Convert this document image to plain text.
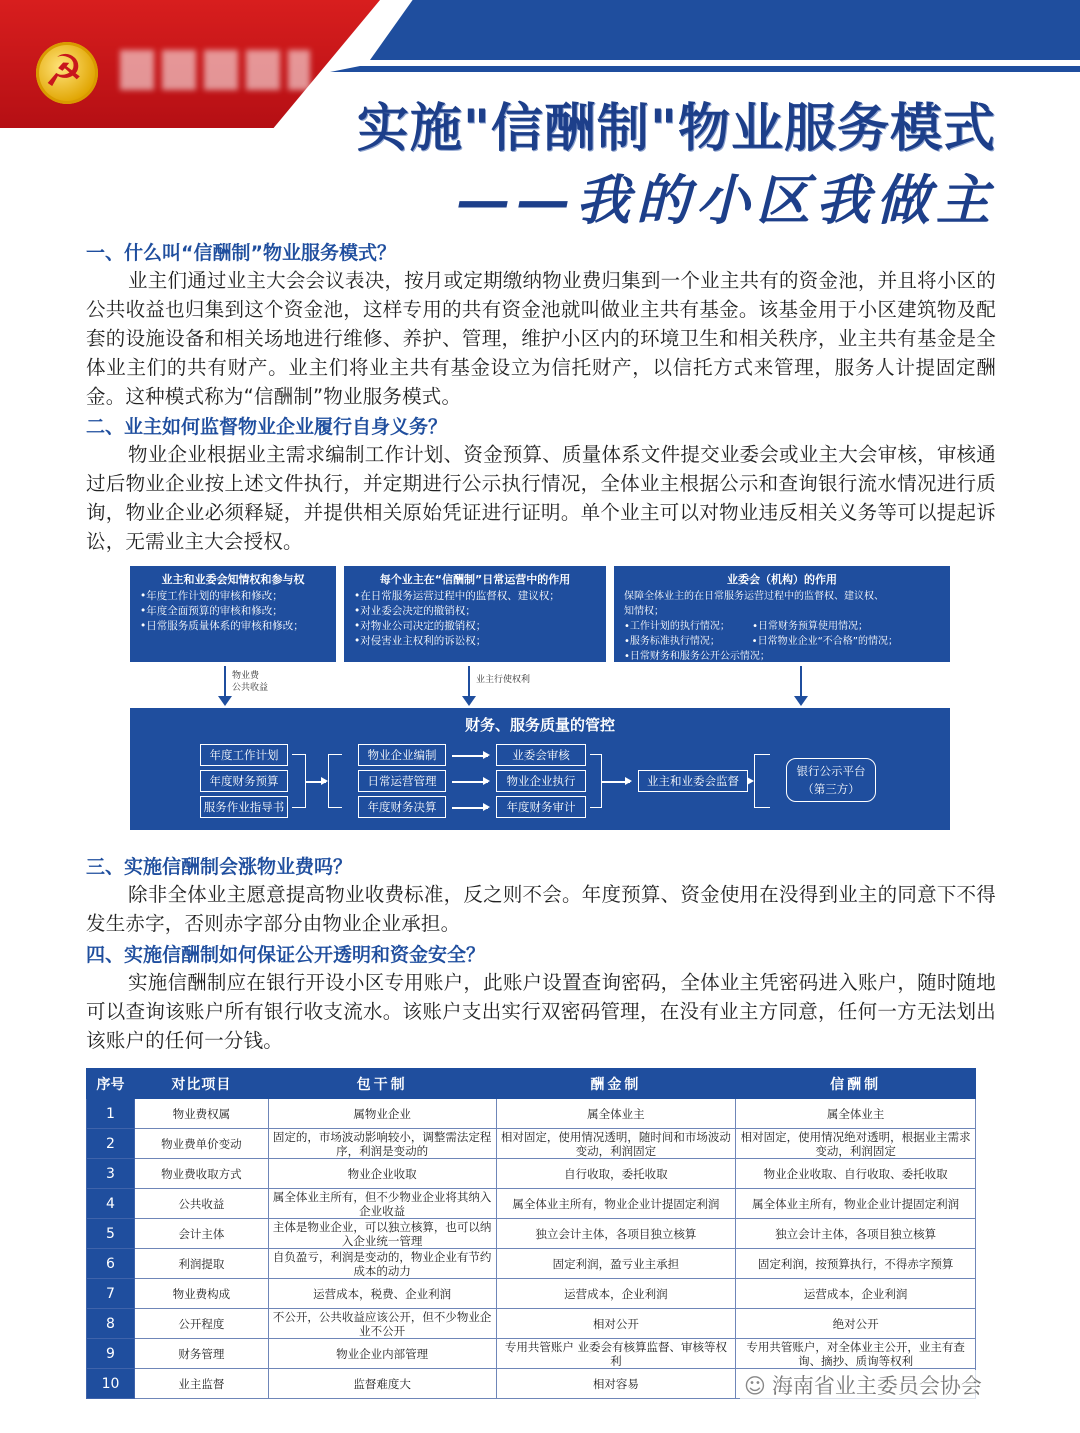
☭
实施"信酬制"物业服务模式
——我的小区我做主
一、什么叫“信酬制”物业服务模式？
业主们通过业主大会会议表决，按月或定期缴纳物业费归集到一个业主共有的资金池，并且将小区的公共收益也归集到这个资金池，这样专用的共有资金池就叫做业主共有基金。该基金用于小区建筑物及配套的设施设备和相关场地进行维修、养护、管理，维护小区内的环境卫生和相关秩序，业主共有基金是全体业主们的共有财产。业主们将业主共有基金设立为信托财产，以信托方式来管理，服务人计提固定酬金。这种模式称为“信酬制”物业服务模式。
二、业主如何监督物业企业履行自身义务？
物业企业根据业主需求编制工作计划、资金预算、质量体系文件提交业委会或业主大会审核，审核通过后物业企业按上述文件执行，并定期进行公示执行情况，全体业主根据公示和查询银行流水情况进行质询，物业企业必须释疑，并提供相关原始凭证进行证明。单个业主可以对物业违反相关义务等可以提起诉讼，无需业主大会授权。
业主和业委会知情权和参与权
•年度工作计划的审核和修改；
•年度全面预算的审核和修改；
•日常服务质量体系的审核和修改；
每个业主在“信酬制”日常运营中的作用
•在日常服务运营过程中的监督权、建议权；
•对业委会决定的撤销权；
•对物业公司决定的撤销权；
•对侵害业主权利的诉讼权；
业委会（机构）的作用
保障全体业主的在日常服务运营过程中的监督权、建议权、
知情权；
•工作计划的执行情况；       •日常财务预算使用情况；
•服务标准执行情况；          •日常物业企业“不合格”的情况；
•日常财务和服务公开公示情况；
物业费
公共收益
业主行使权利
财务、服务质量的管控
年度工作计划
年度财务预算
服务作业指导书
物业企业编制
日常运营管理
年度财务决算
业委会审核
物业企业执行
年度财务审计
业主和业委会监督
银行公示平台
（第三方）
三、实施信酬制会涨物业费吗？
除非全体业主愿意提高物业收费标准，反之则不会。年度预算、资金使用在没得到业主的同意下不得发生赤字，否则赤字部分由物业企业承担。
四、实施信酬制如何保证公开透明和资金安全？
实施信酬制应在银行开设小区专用账户，此账户设置查询密码，全体业主凭密码进入账户，随时随地可以查询该账户所有银行收支流水。该账户支出实行双密码管理，在没有业主方同意，任何一方无法划出该账户的任何一分钱。
序号	对比项目	包干制	酬金制	信酬制
1	物业费权属	属物业企业	属全体业主	属全体业主
2	物业费单价变动	固定的，市场波动影响较小，调整需法定程序，利润是变动的	相对固定，使用情况透明，随时间和市场波动变动，利润固定	相对固定，使用情况绝对透明，根据业主需求变动，利润固定
3	物业费收取方式	物业企业收取	自行收取，委托收取	物业企业收取、自行收取、委托收取
4	公共收益	属全体业主所有，但不少物业企业将其纳入企业收益	属全体业主所有，物业企业计提固定利润	属全体业主所有，物业企业计提固定利润
5	会计主体	主体是物业企业，可以独立核算，也可以纳入企业统一管理	独立会计主体，各项目独立核算	独立会计主体，各项目独立核算
6	利润提取	自负盈亏，利润是变动的，物业企业有节约成本的动力	固定利润，盈亏业主承担	固定利润，按预算执行，不得赤字预算
7	物业费构成	运营成本，税费、企业利润	运营成本，企业利润	运营成本，企业利润
8	公开程度	不公开，公共收益应该公开，但不少物业企业不公开	相对公开	绝对公开
9	财务管理	物业企业内部管理	专用共管账户 业委会有核算监督、审核等权利	专用共管账户，对全体业主公开，业主有查询、摘抄、质询等权利
10	业主监督	监督难度大	相对容易		☺ 海南省业主委员会协会
